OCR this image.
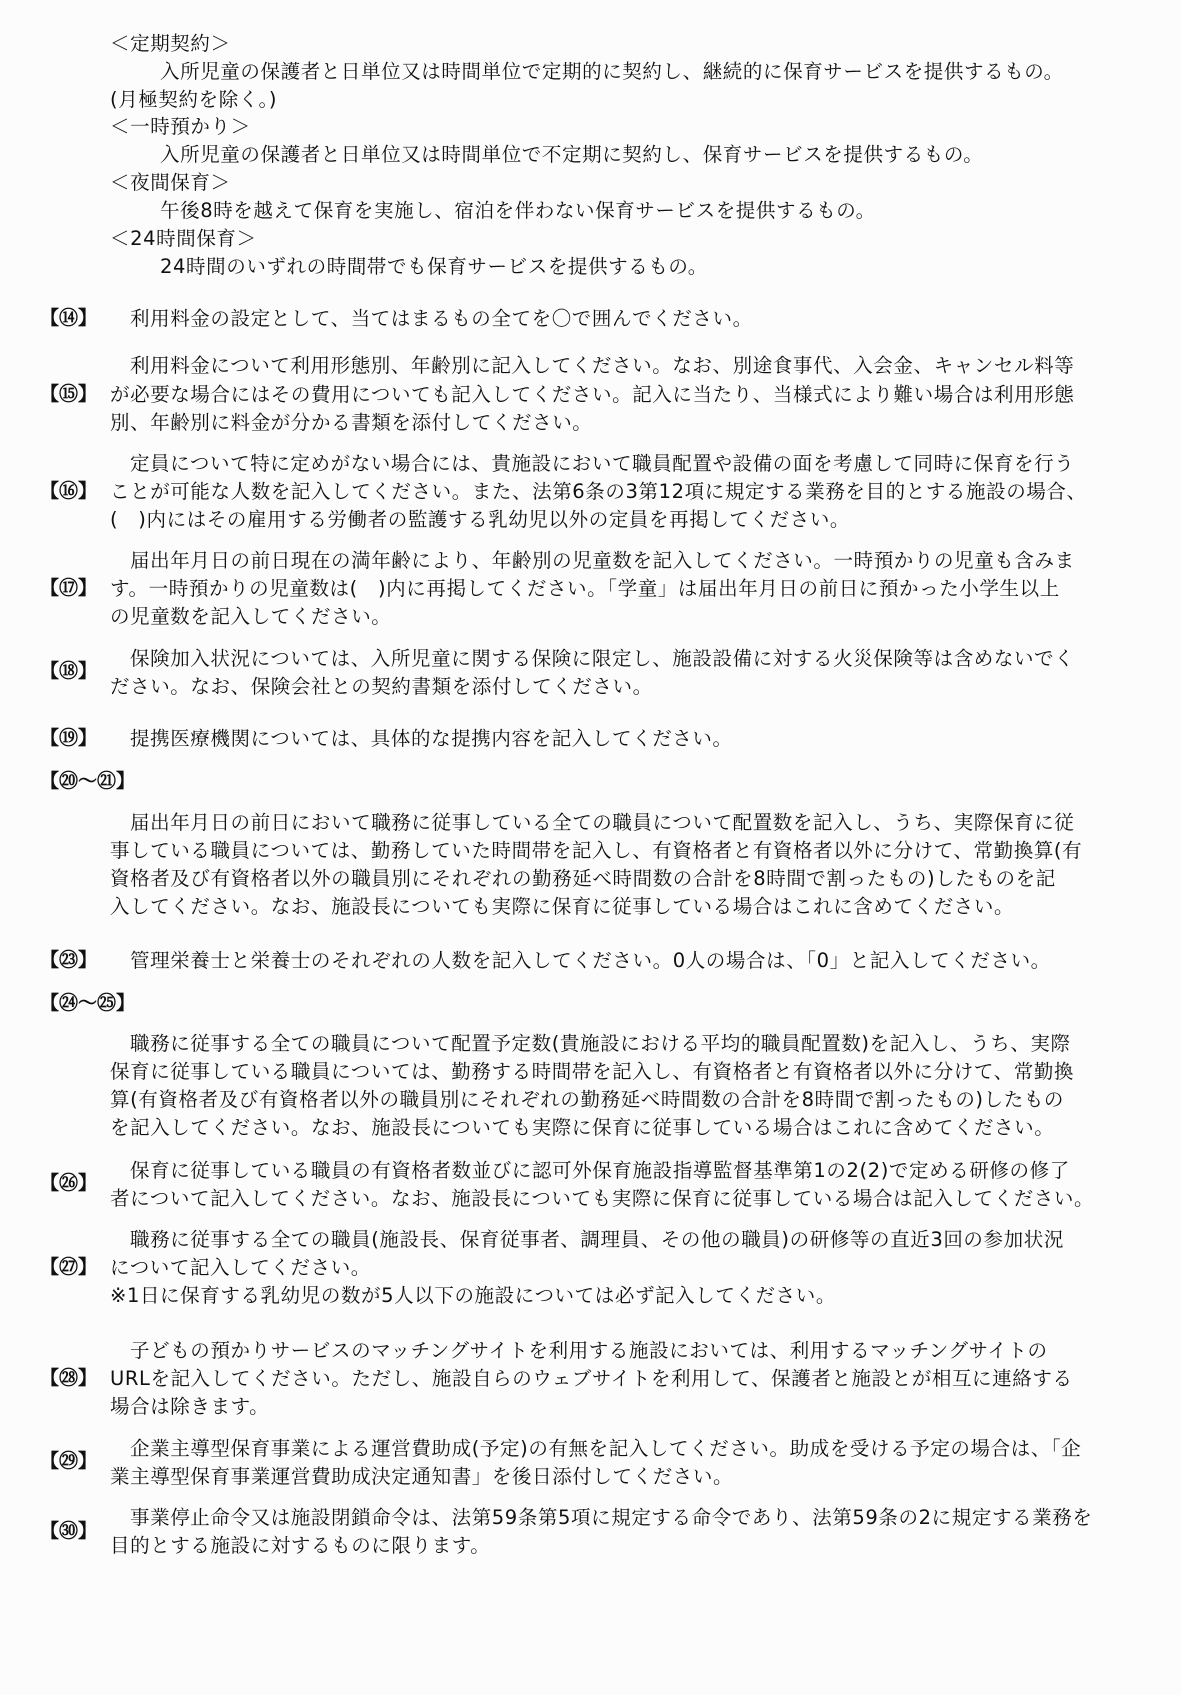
＜定期契約＞
入所児童の保護者と日単位又は時間単位で定期的に契約し、継続的に保育サービスを提供するもの。
(月極契約を除く。)
＜一時預かり＞
入所児童の保護者と日単位又は時間単位で不定期に契約し、保育サービスを提供するもの。
＜夜間保育＞
午後8時を越えて保育を実施し、宿泊を伴わない保育サービスを提供するもの。
＜24時間保育＞
24時間のいずれの時間帯でも保育サービスを提供するもの。
【⑭】 利用料金の設定として、当てはまるもの全てを〇で囲んでください。
【⑮】
利用料金について利用形態別、年齢別に記入してください。なお、別途食事代、入会金、キャンセル料等
が必要な場合にはその費用についても記入してください。記入に当たり、当様式により難い場合は利用形態
別、年齢別に料金が分かる書類を添付してください。
【⑯】
定員について特に定めがない場合には、貴施設において職員配置や設備の面を考慮して同時に保育を行う
ことが可能な人数を記入してください。また、法第6条の3第12項に規定する業務を目的とする施設の場合、
(　)内にはその雇用する労働者の監護する乳幼児以外の定員を再掲してください。
【⑰】
届出年月日の前日現在の満年齢により、年齢別の児童数を記入してください。一時預かりの児童も含みま
す。一時預かりの児童数は(　)内に再掲してください。「学童」は届出年月日の前日に預かった小学生以上
の児童数を記入してください。
【⑱】
保険加入状況については、入所児童に関する保険に限定し、施設設備に対する火災保険等は含めないでく
ださい。なお、保険会社との契約書類を添付してください。
【⑲】 提携医療機関については、具体的な提携内容を記入してください。
【⑳～㉑】
届出年月日の前日において職務に従事している全ての職員について配置数を記入し、うち、実際保育に従
事している職員については、勤務していた時間帯を記入し、有資格者と有資格者以外に分けて、常勤換算(有
資格者及び有資格者以外の職員別にそれぞれの勤務延べ時間数の合計を8時間で割ったもの)したものを記
入してください。なお、施設長についても実際に保育に従事している場合はこれに含めてください。
【㉓】 管理栄養士と栄養士のそれぞれの人数を記入してください。0人の場合は、「0」と記入してください。
【㉔～㉕】
職務に従事する全ての職員について配置予定数(貴施設における平均的職員配置数)を記入し、うち、実際
保育に従事している職員については、勤務する時間帯を記入し、有資格者と有資格者以外に分けて、常勤換
算(有資格者及び有資格者以外の職員別にそれぞれの勤務延べ時間数の合計を8時間で割ったもの)したもの
を記入してください。なお、施設長についても実際に保育に従事している場合はこれに含めてください。
【㉖】
保育に従事している職員の有資格者数並びに認可外保育施設指導監督基準第1の2(2)で定める研修の修了
者について記入してください。なお、施設長についても実際に保育に従事している場合は記入してください。
【㉗】
職務に従事する全ての職員(施設長、保育従事者、調理員、その他の職員)の研修等の直近3回の参加状況
について記入してください。
※1日に保育する乳幼児の数が5人以下の施設については必ず記入してください。
【㉘】
子どもの預かりサービスのマッチングサイトを利用する施設においては、利用するマッチングサイトの
URLを記入してください。ただし、施設自らのウェブサイトを利用して、保護者と施設とが相互に連絡する
場合は除きます。
【㉙】
企業主導型保育事業による運営費助成(予定)の有無を記入してください。助成を受ける予定の場合は、「企
業主導型保育事業運営費助成決定通知書」を後日添付してください。
【㉚】
事業停止命令又は施設閉鎖命令は、法第59条第5項に規定する命令であり、法第59条の2に規定する業務を
目的とする施設に対するものに限ります。
